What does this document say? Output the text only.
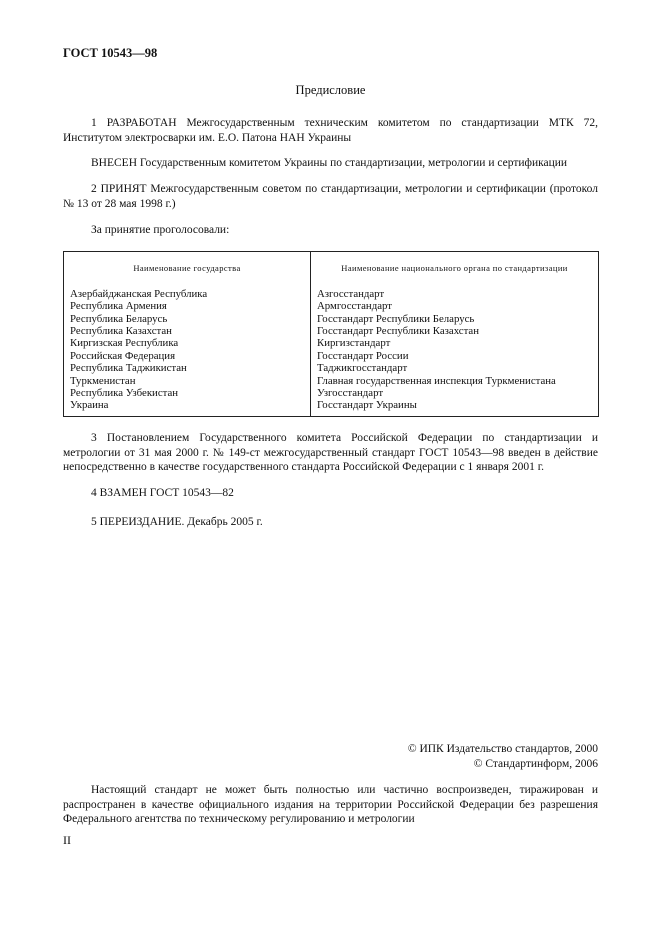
ГОСТ 10543—98
Предисловие

1 РАЗРАБОТАН Межгосударственным техническим комитетом по стандартизации МТК 72, Институтом электросварки им. Е.О. Патона НАН Украины

ВНЕСЕН Государственным комитетом Украины по стандартизации, метрологии и сертификации

2 ПРИНЯТ Межгосударственным советом по стандартизации, метрологии и сертификации (протокол № 13 от 28 мая 1998 г.)

За принятие проголосовали:

Наименование государства	Наименование национального органа по стандартизации
Азербайджанская Республика	Азгосстандарт
Республика Армения	Армгосстандарт
Республика Беларусь	Госстандарт Республики Беларусь
Республика Казахстан	Госстандарт Республики Казахстан
Киргизская Республика	Киргизстандарт
Российская Федерация	Госстандарт России
Республика Таджикистан	Таджикгосстандарт
Туркменистан	Главная государственная инспекция Туркменистана
Республика Узбекистан	Узгосстандарт
Украина	Госстандарт Украины

3 Постановлением Государственного комитета Российской Федерации по стандартизации и метрологии от 31 мая 2000 г. № 149-ст межгосударственный стандарт ГОСТ 10543—98 введен в действие непосредственно в качестве государственного стандарта Российской Федерации с 1 января 2001 г.

4 ВЗАМЕН ГОСТ 10543—82

5 ПЕРЕИЗДАНИЕ. Декабрь 2005 г.

© ИПК Издательство стандартов, 2000
© Стандартинформ, 2006

Настоящий стандарт не может быть полностью или частично воспроизведен, тиражирован и распространен в качестве официального издания на территории Российской Федерации без разрешения Федерального агентства по техническому регулированию и метрологии

II
